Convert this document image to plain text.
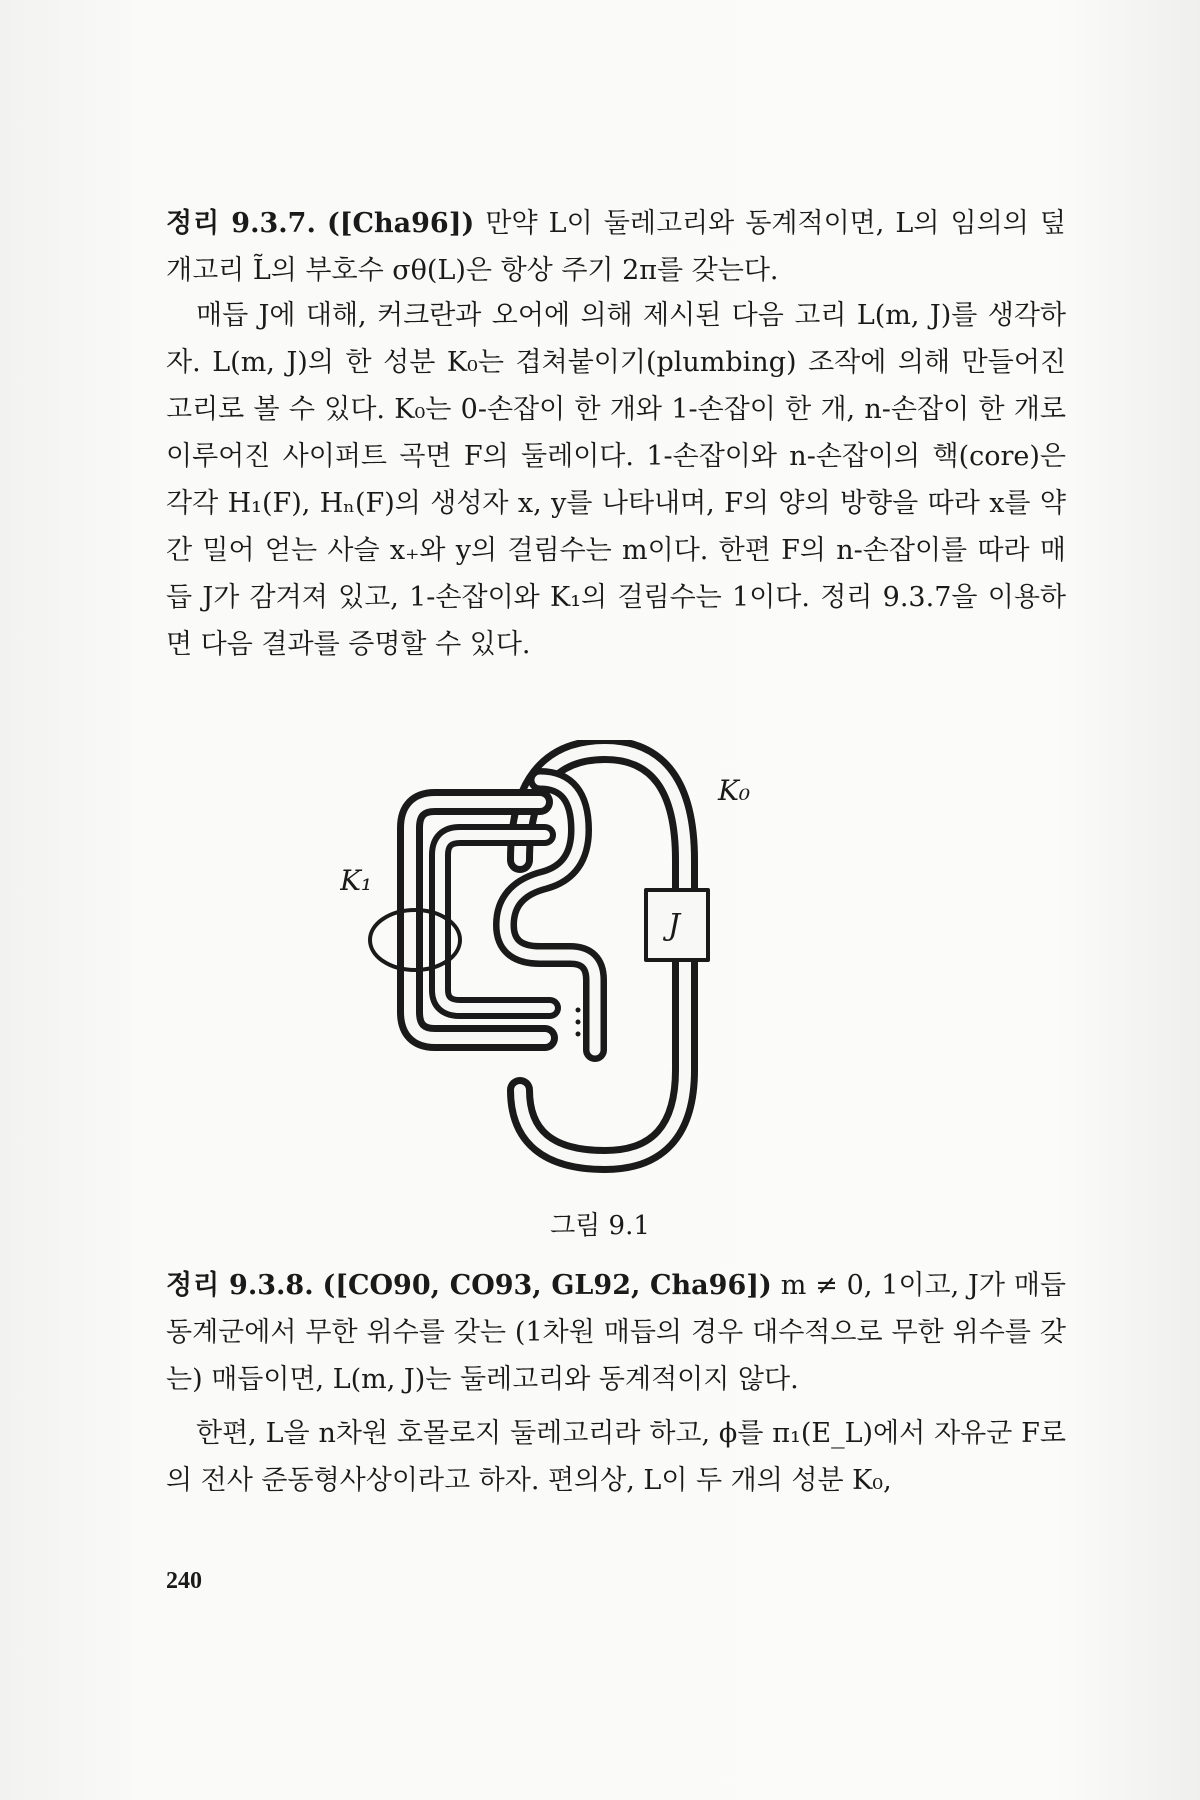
정리 9.3.7. ([Cha96]) 만약 L이 둘레고리와 동계적이면, L의 임의의 덮개고리 L̃의 부호수 σθ(L)은 항상 주기 2π를 갖는다.

매듭 J에 대해, 커크란과 오어에 의해 제시된 다음 고리 L(m, J)를 생각하자. L(m, J)의 한 성분 K₀는 겹쳐붙이기(plumbing) 조작에 의해 만들어진 고리로 볼 수 있다. K₀는 0-손잡이 한 개와 1-손잡이 한 개, n-손잡이 한 개로 이루어진 사이퍼트 곡면 F의 둘레이다. 1-손잡이와 n-손잡이의 핵(core)은 각각 H₁(F), Hₙ(F)의 생성자 x, y를 나타내며, F의 양의 방향을 따라 x를 약간 밀어 얻는 사슬 x₊와 y의 걸림수는 m이다. 한편 F의 n-손잡이를 따라 매듭 J가 감겨져 있고, 1-손잡이와 K₁의 걸림수는 1이다. 정리 9.3.7을 이용하면 다음 결과를 증명할 수 있다.

K₀
K₁
J
그림 9.1

정리 9.3.8. ([CO90, CO93, GL92, Cha96]) m ≠ 0, 1이고, J가 매듭 동계군에서 무한 위수를 갖는 (1차원 매듭의 경우 대수적으로 무한 위수를 갖는) 매듭이면, L(m, J)는 둘레고리와 동계적이지 않다.

한편, L을 n차원 호몰로지 둘레고리라 하고, ϕ를 π₁(E_L)에서 자유군 F로의 전사 준동형사상이라고 하자. 편의상, L이 두 개의 성분 K₀,

240
